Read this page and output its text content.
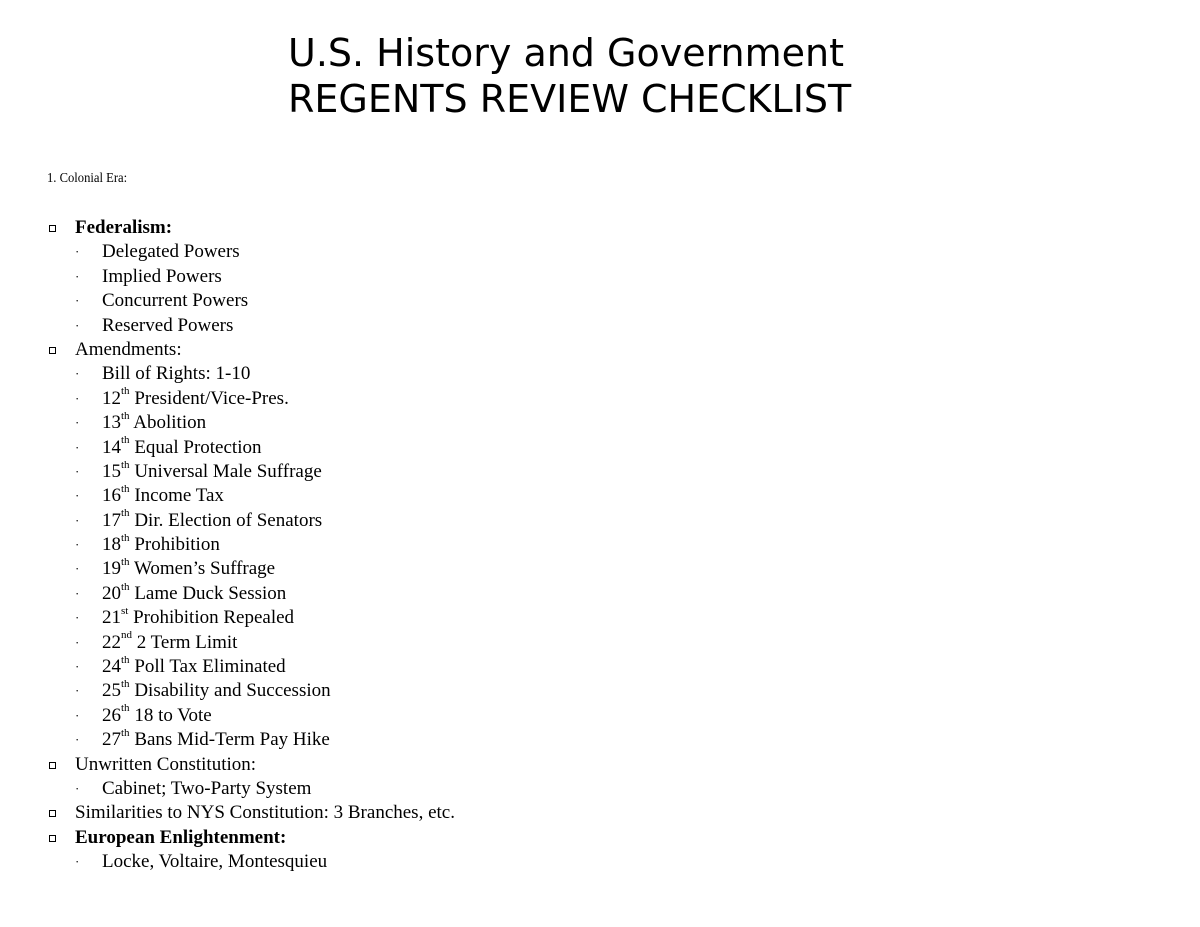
U.S. History and Government
REGENTS REVIEW CHECKLIST
1. Colonial Era:
Federalism:
· Delegated Powers
· Implied Powers
· Concurrent Powers
· Reserved Powers
Amendments:
· Bill of Rights: 1-10
· 12th President/Vice-Pres.
· 13th Abolition
· 14th Equal Protection
· 15th Universal Male Suffrage
· 16th Income Tax
· 17th Dir. Election of Senators
· 18th Prohibition
· 19th Women’s Suffrage
· 20th Lame Duck Session
· 21st Prohibition Repealed
· 22nd 2 Term Limit
· 24th Poll Tax Eliminated
· 25th Disability and Succession
· 26th 18 to Vote
· 27th Bans Mid-Term Pay Hike
Unwritten Constitution:
· Cabinet; Two-Party System
Similarities to NYS Constitution: 3 Branches, etc.
European Enlightenment:
· Locke, Voltaire, Montesquieu
